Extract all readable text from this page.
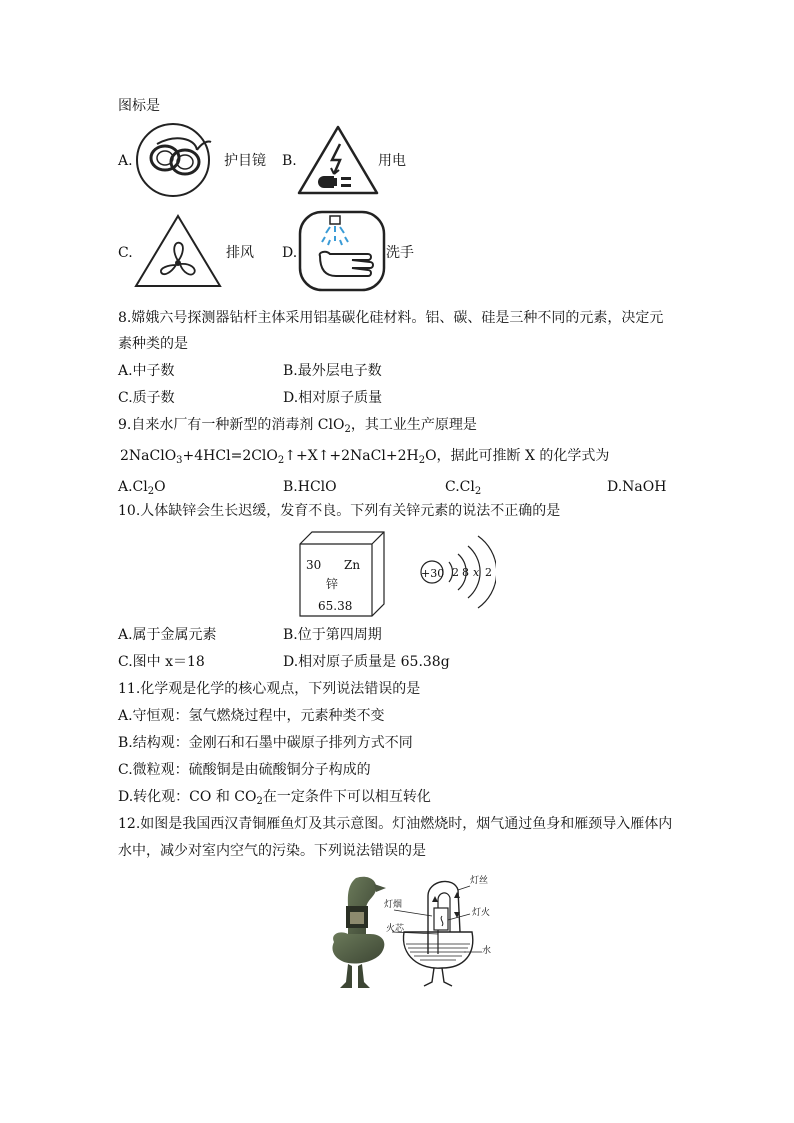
图标是
A.	护目镜 B.	用电
C.	排风 D.	洗手
8.嫦娥六号探测器钻杆主体采用铝基碳化硅材料。铝、碳、硅是三种不同的元素，决定元
素种类的是
A.中子数	B.最外层电子数
C.质子数	D.相对原子质量
9.自来水厂有一种新型的消毒剂 ClO$_2$，其工业生产原理是
$2NaClO_3+4HCl=2ClO_2↑+X↑+2NaCl+2H_2O$，据此可推断 X 的化学式为
$A.Cl_2O$	B.HClO	$C.Cl_2$	D.NaOH
10.人体缺锌会生长迟缓，发育不良。下列有关锌元素的说法不正确的是
30 Zn
锌
65.38
+30 2 8 x 2
A.属于金属元素	B.位于第四周期
C.图中 x＝18	D.相对原子质量是 65.38g
11.化学观是化学的核心观点，下列说法错误的是
A.守恒观：氢气燃烧过程中，元素种类不变
B.结构观：金刚石和石墨中碳原子排列方式不同
C.微粒观：硫酸铜是由硫酸铜分子构成的
D.转化观：CO 和 $CO_2$在一定条件下可以相互转化
12.如图是我国西汉青铜雁鱼灯及其示意图。灯油燃烧时，烟气通过鱼身和雁颈导入雁体内
水中，减少对室内空气的污染。下列说法错误的是
灯丝
灯烟
灯火
火芯
水
